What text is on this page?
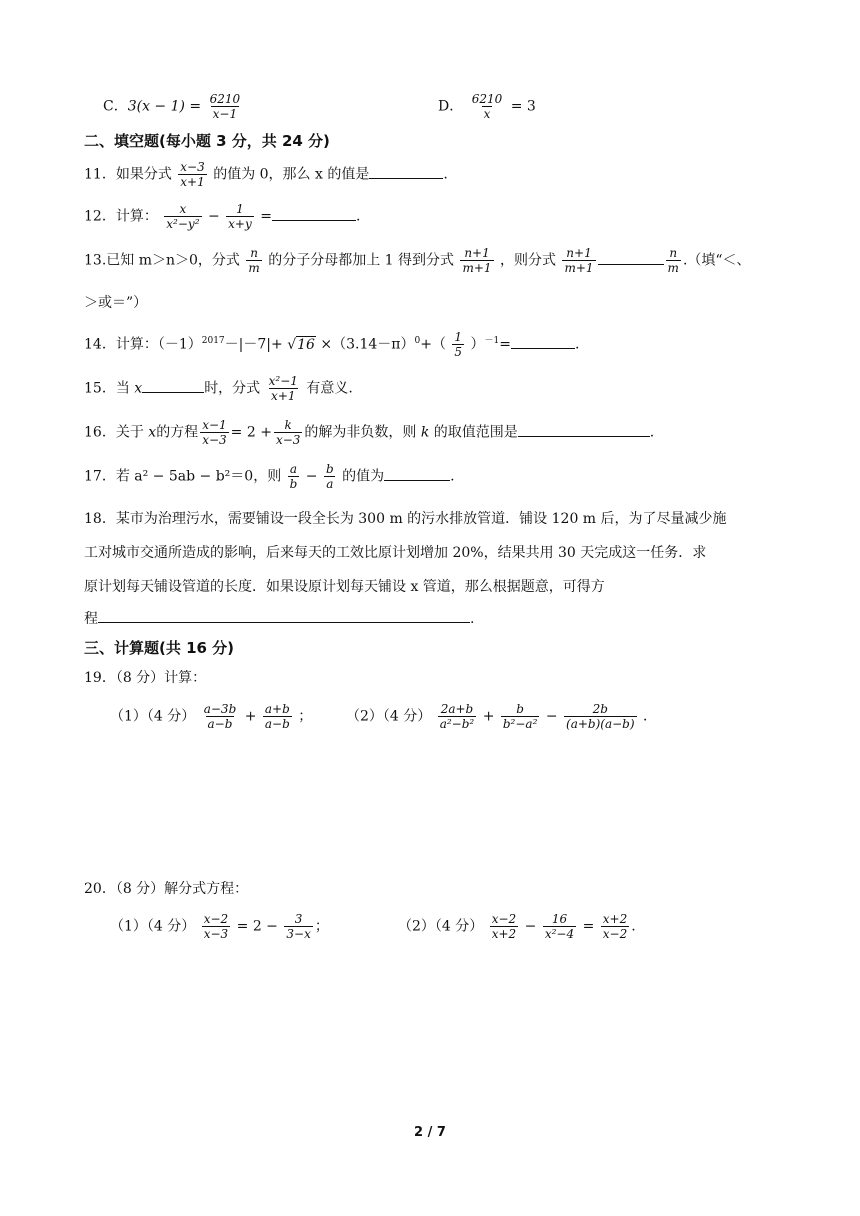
C．$3(x - 1) = \frac{6210}{x-1}$	D． $\frac{6210}{x} = 3$
二、填空题(每小题 3 分，共 24 分)
11．如果分式 $\frac{x-3}{x+1}$ 的值为 0，那么 x 的值是	.
12．计算： $\frac{x}{\text{x²−y²}} - \frac{1}{x+y}$ =	.
13.已知 m＞n＞0，分式 $\frac{n}{m}$ 的分子分母都加上 1 得到分式 $\frac{n+1}{m+1}$ ，则分式 $\frac{n+1}{m+1}$	$\frac{n}{m}$ .（填“＜、
＞或＝”）
14．计算：$(-1)^{2017}-|-7|+ √16 \times(3.14-\pi)^0+( \frac{1}{5} )^{-1}=$	.
15．当 x	时，分式 $\frac{\text{x²−1}}{x+1}$ 有意义.
16．关于 x的方程 $\frac{x-1}{x-3} = 2 + \frac{k}{x-3}$ 的解为非负数，则 k 的取值范围是	.
17．若 a² − 5ab − b²＝0，则 $\frac{a}{b} - \frac{b}{a}$ 的值为	.
18．某市为治理污水，需要铺设一段全长为 300 m 的污水排放管道．铺设 120 m 后，为了尽量减少施
工对城市交通所造成的影响，后来每天的工效比原计划增加 20%，结果共用 30 天完成这一任务．求
原计划每天铺设管道的长度．如果设原计划每天铺设 x 管道，那么根据题意，可得方
程	.
三、计算题(共 16 分)
19．（8 分）计算：
（1）（4 分） $\frac{a-3b}{a-b} + \frac{a+b}{a-b}$ ； （2）（4 分） $\frac{2a+b}{\text{a²−b²}} + \frac{b}{\text{b²−a²}} - \frac{2b}{(a+b)(a-b)}$ ．
20．（8 分）解分式方程：
（1）（4 分） $\frac{x-2}{x-3} = 2 - \frac{3}{3-x}$ ；	（2）（4 分） $\frac{x-2}{x+2} - \frac{16}{\text{x²−4}} = \frac{x+2}{x-2}$ .
2 / 7
